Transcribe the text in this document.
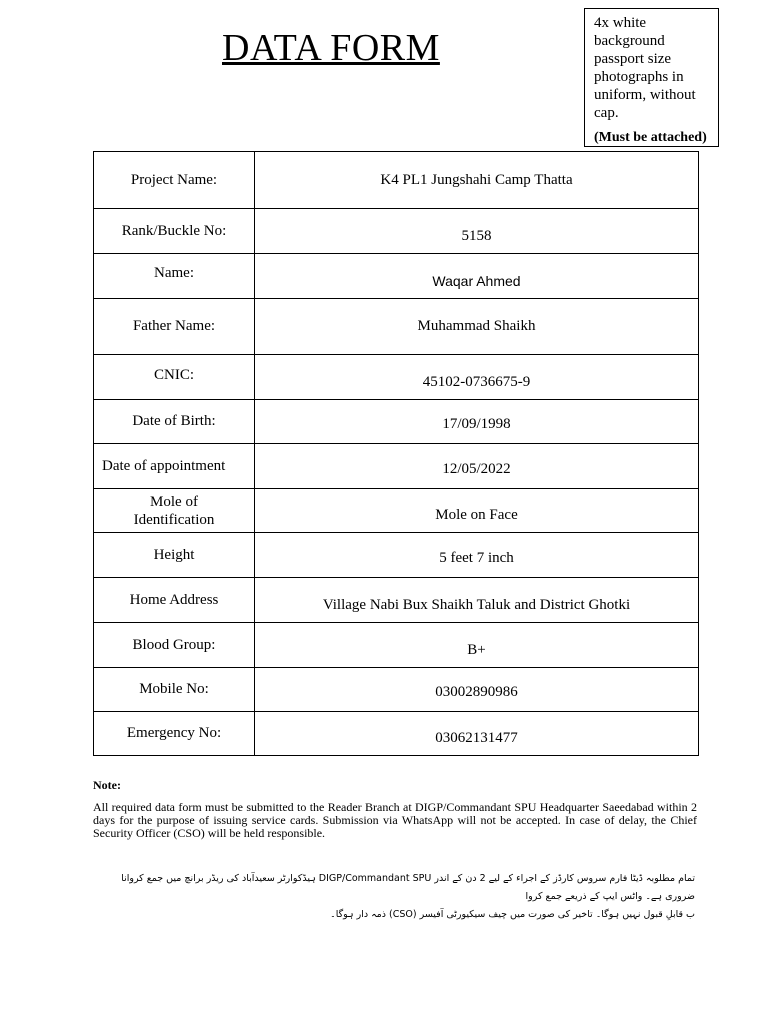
DATA FORM
4x white background passport size photographs in uniform, without cap.
(Must be attached)
Project Name:	K4 PL1 Jungshahi Camp Thatta
Rank/Buckle No:	5158
Name:	Waqar Ahmed
Father Name:	Muhammad Shaikh
CNIC:	45102-0736675-9
Date of Birth:	17/09/1998
Date of appointment	12/05/2022
Mole of Identification	Mole on Face
Height	5 feet 7 inch
Home Address	Village Nabi Bux Shaikh Taluk and District Ghotki
Blood Group:	B+
Mobile No:	03002890986
Emergency No:	03062131477
Note:
All required data form must be submitted to the Reader Branch at DIGP/Commandant SPU Headquarter Saeedabad within 2 days for the purpose of issuing service cards. Submission via WhatsApp will not be accepted. In case of delay, the Chief Security Officer (CSO) will be held responsible.
تمام مطلوبہ ڈیٹا فارم سروس کارڈز کے اجراء کے لیے 2 دن کے اندر DIGP/Commandant SPU ہیڈکوارٹر سعیدآباد کی ریڈر برانچ میں جمع کروانا ضروری ہے۔ واٹس ایپ کے ذریعے جمع کروا
ب قابلِ قبول نہیں ہوگا۔ تاخیر کی صورت میں چیف سیکیورٹی آفیسر (CSO) ذمہ دار ہوگا۔
